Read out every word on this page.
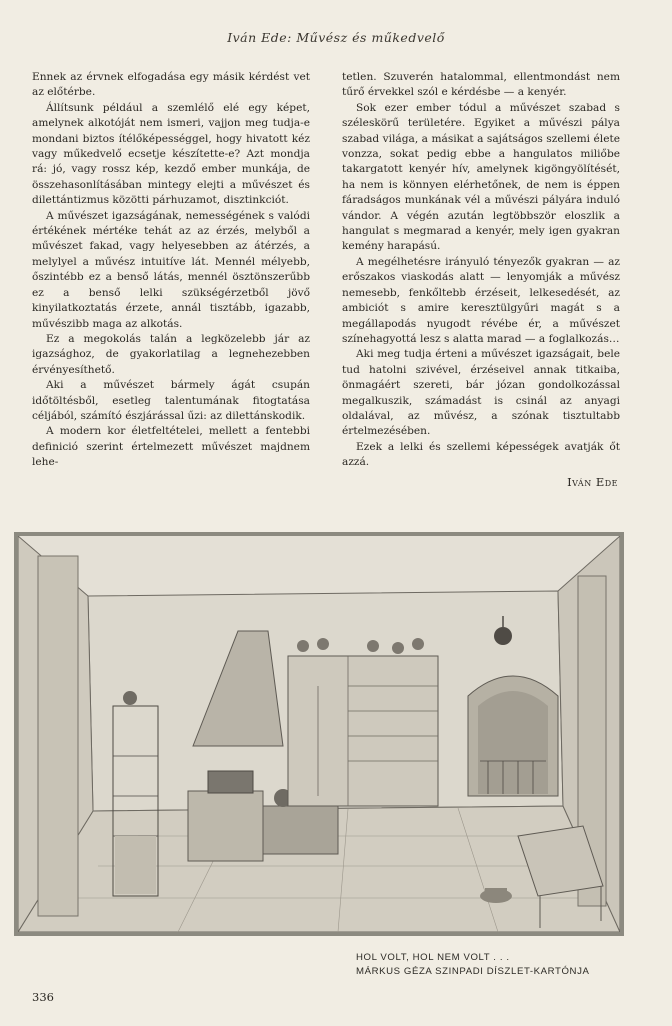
Iván Ede: Művész és műkedvelő

Ennek az érvnek elfogadása egy másik kérdést vet az előtérbe.

Állítsunk például a szemlélő elé egy képet, amelynek alkotóját nem ismeri, vajjon meg tudja-e mondani biztos ítélőképességgel, hogy hivatott kéz vagy műkedvelő ecsetje készítette-e? Azt mondja rá: jó, vagy rossz kép, kezdő ember munkája, de összehasonlításában mintegy elejti a művészet és dilettántizmus közötti párhuzamot, disztinkciót.

A művészet igazságának, nemességének s valódi értékének mértéke tehát az az érzés, melyből a művészet fakad, vagy helyesebben az átérzés, a melylyel a művész intuitíve lát. Mennél mélyebb, őszintébb ez a benső látás, mennél ösztönszerűbb ez a benső lelki szükségérzetből jövő kinyilatkoztatás érzete, annál tisztább, igazabb, művészibb maga az alkotás.

Ez a megokolás talán a legközelebb jár az igazsághoz, de gyakorlatilag a legnehezebben érvényesíthető.

Aki a művészet bármely ágát csupán időtöltésből, esetleg talentumának fitogtatása céljából, számító észjárással űzi: az dilettánskodik.

A modern kor életfeltételei, mellett a fentebbi definició szerint értelmezett művészet majdnem lehe-

tetlen. Szuverén hatalommal, ellentmondást nem tűrő érvekkel szól e kérdésbe — a kenyér.

Sok ezer ember tódul a művészet szabad s széleskörű területére. Egyiket a művészi pálya szabad világa, a másikat a sajátságos szellemi élete vonzza, sokat pedig ebbe a hangulatos miliőbe takargatott kenyér hív, amelynek kigöngyölítését, ha nem is könnyen elérhetőnek, de nem is éppen fáradságos munkának vél a művészi pályára induló vándor. A végén azután legtöbbször eloszlik a hangulat s megmarad a kenyér, mely igen gyakran kemény harapású.

A megélhetésre irányuló tényezők gyakran — az erőszakos viaskodás alatt — lenyomják a művész nemesebb, fenkőltebb érzéseit, lelkesedését, az ambiciót s amire keresztülgyűri magát s a megállapodás nyugodt révébe ér, a művészet színehagyottá lesz s alatta marad — a foglalkozás…

Aki meg tudja érteni a művészet igazságait, bele tud hatolni szivével, érzéseivel annak titkaiba, önmagáért szereti, bár józan gondolkozással megalkuszik, számadást is csinál az anyagi oldalával, az művész, a szónak tisztultabb értelmezésében.

Ezek a lelki és szellemi képességek avatják őt azzá.

Iván Ede
HOL VOLT, HOL NEM VOLT . . .
MÁRKUS GÉZA SZINPADI DÍSZLET-KARTÓNJA
336
